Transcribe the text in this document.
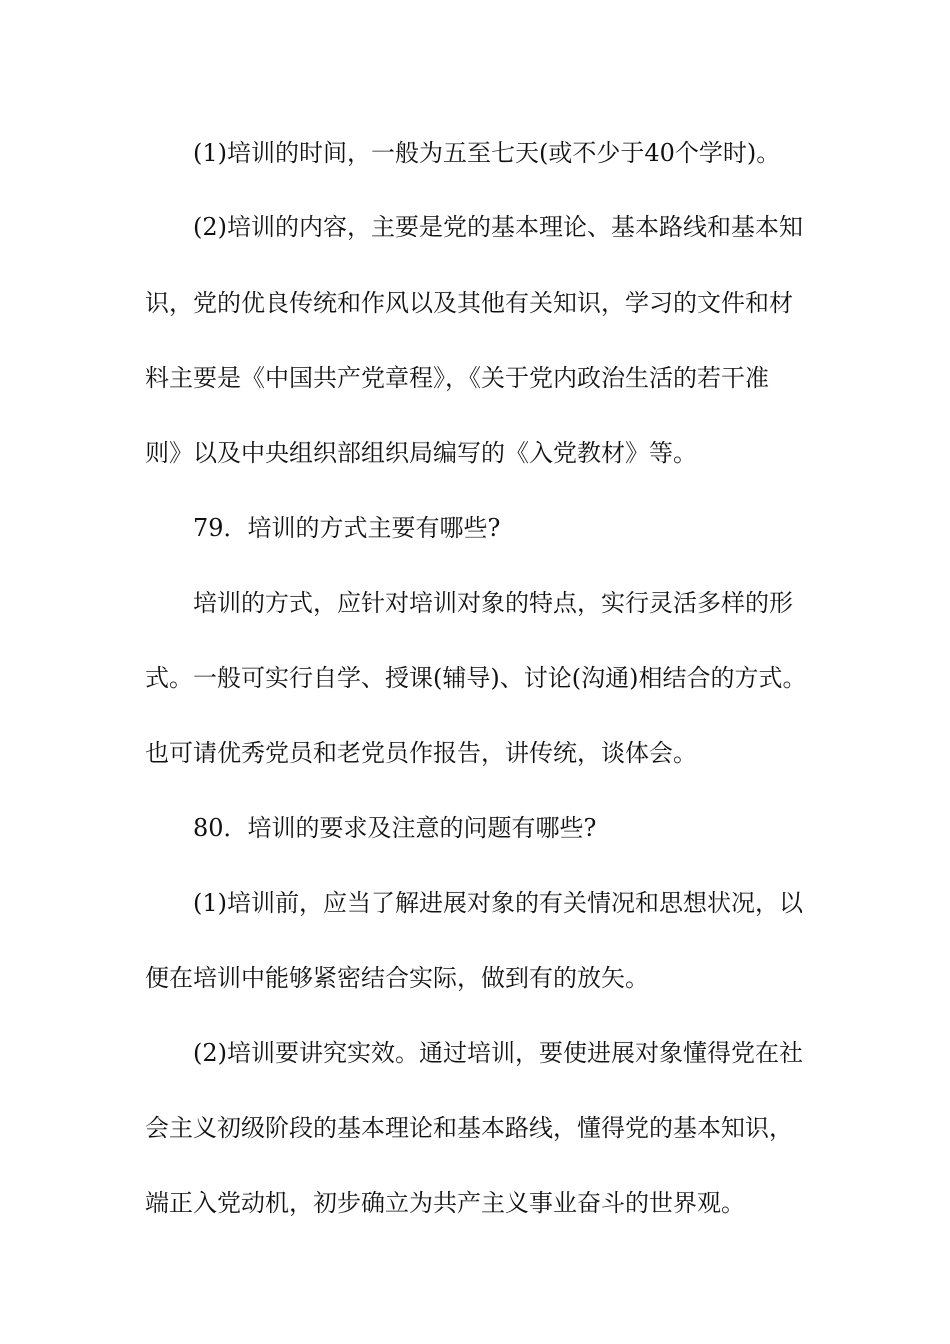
(1)培训的时间，一般为五至七天(或不少于40个学时)。
(2)培训的内容，主要是党的基本理论、基本路线和基本知
识，党的优良传统和作风以及其他有关知识，学习的文件和材
料主要是《中国共产党章程》，《关于党内政治生活的若干准
则》以及中央组织部组织局编写的《入党教材》等。
79．培训的方式主要有哪些?
培训的方式，应针对培训对象的特点，实行灵活多样的形
式。一般可实行自学、授课(辅导)、讨论(沟通)相结合的方式。
也可请优秀党员和老党员作报告，讲传统，谈体会。
80．培训的要求及注意的问题有哪些?
(1)培训前，应当了解进展对象的有关情况和思想状况，以
便在培训中能够紧密结合实际，做到有的放矢。
(2)培训要讲究实效。通过培训，要使进展对象懂得党在社
会主义初级阶段的基本理论和基本路线，懂得党的基本知识，
端正入党动机，初步确立为共产主义事业奋斗的世界观。
